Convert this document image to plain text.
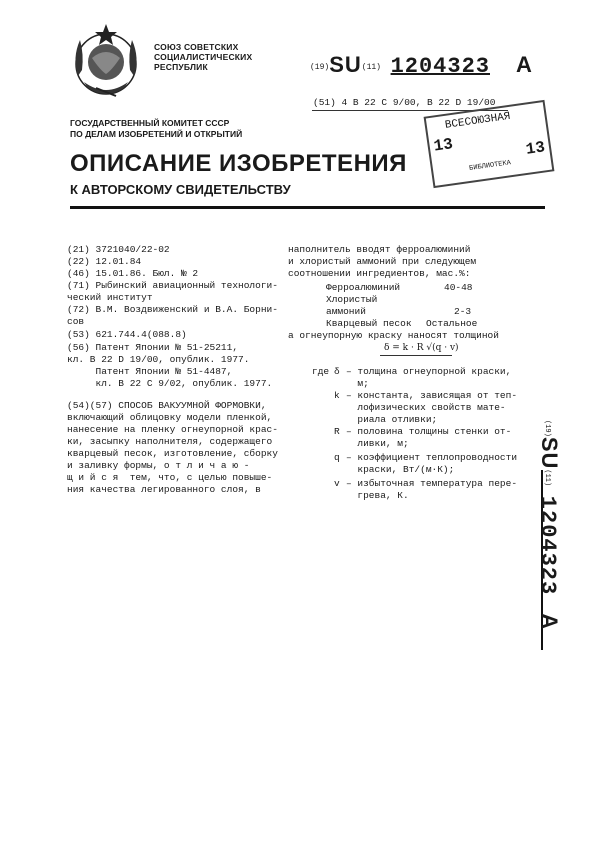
СОЮЗ СОВЕТСКИХ
СОЦИАЛИСТИЧЕСКИХ
РЕСПУБЛИК	(19)SU(11) 1204323 A
(51) 4 B 22 C 9/00, B 22 D 19/00
ГОСУДАРСТВЕННЫЙ КОМИТЕТ СССР
ПО ДЕЛАМ ИЗОБРЕТЕНИЙ И ОТКРЫТИЙ
ВСЕСОЮЗНАЯ
13	13
БИБЛИОТЕКА
ОПИСАНИЕ ИЗОБРЕТЕНИЯ
К АВТОРСКОМУ СВИДЕТЕЛЬСТВУ
(21) 3721040/22-02
(22) 12.01.84
(46) 15.01.86. Бюл. № 2
(71) Рыбинский авиационный технологи-
ческий институт
(72) В.М. Воздвиженский и В.А. Борни-
сов
(53) 621.744.4(088.8)
(56) Патент Японии № 51-25211,
кл. В 22 D 19/00, опублик. 1977.
Патент Японии № 51-4487,
кл. В 22 С 9/02, опублик. 1977.
(54)(57) СПОСОБ ВАКУУМНОЙ ФОРМОВКИ,
включающий облицовку модели пленкой,
нанесение на пленку огнеупорной крас-
ки, засыпку наполнителя, содержащего
кварцевый песок, изготовление, сборку
и заливку формы, о т л и ч а ю -
щ и й с я  тем, что, с целью повыше-
ния качества легированного слоя, в
наполнитель вводят ферроалюминий
и хлористый аммоний при следующем
соотношении ингредиентов, мас.%:
Ферроалюминий	40-48
Хлористый
аммоний	2-3
Кварцевый песок Остальное
а огнеупорную краску наносят толщиной
δ = k · R √(q · v)
где δ – толщина огнеупорной краски,
м;
k – константа, зависящая от теп-
лофизических свойств мате-
риала отливки;
R – половина толщины стенки от-
ливки, м;
q – коэффициент теплопроводности
краски, Вт/(м·К);
v – избыточная температура пере-
грева, К.
$^{(19)}$SU$^{(11)}$ 1204323A
